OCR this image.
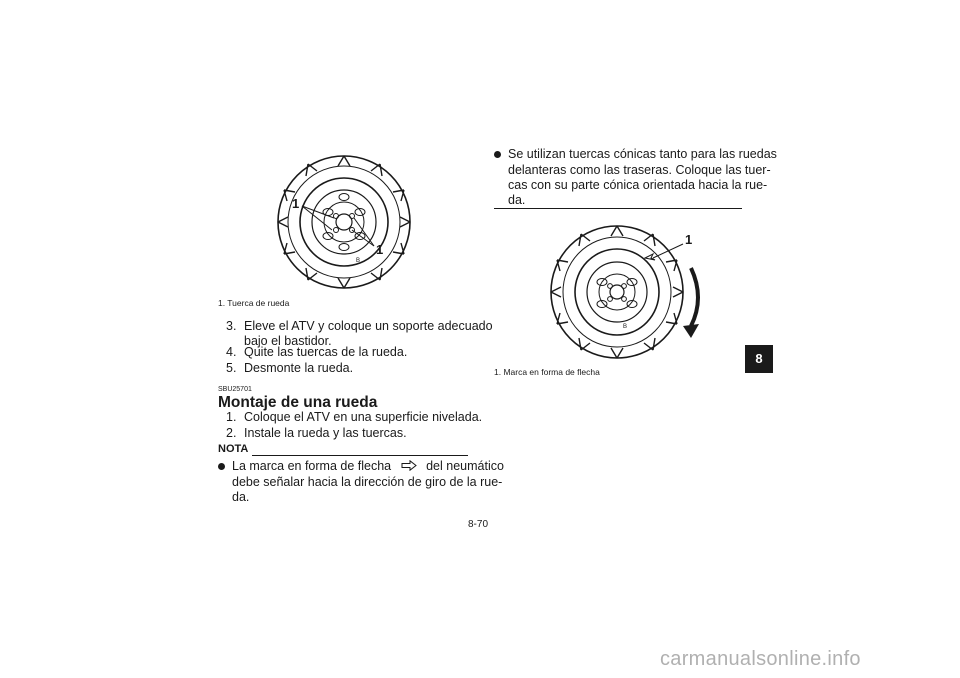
1
1
B
1. Tuerca de rueda
3. Eleve el ATV y coloque un soporte adecuado
bajo el bastidor.
4. Quite las tuercas de la rueda.
5. Desmonte la rueda.
SBU25701
Montaje de una rueda
1. Coloque el ATV en una superficie nivelada.
2. Instale la rueda y las tuercas.
NOTA
La marca en forma de flecha	del neumático
debe señalar hacia la dirección de giro de la rue-
da.
Se utilizan tuercas cónicas tanto para las ruedas
delanteras como las traseras. Coloque las tuer-
cas con su parte cónica orientada hacia la rue-
da.
1
B
1. Marca en forma de flecha
8
8-70
carmanualsonline.info
